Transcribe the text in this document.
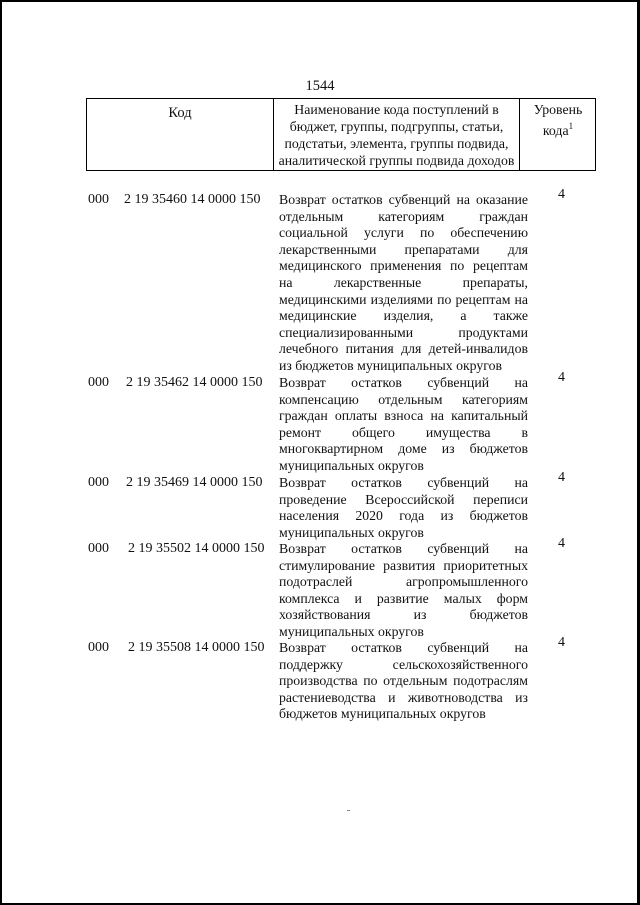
1544
Код	Наименование кода поступлений в бюджет, группы, подгруппы, статьи, подстатьи, элемента, группы подвида, аналитической группы подвида доходов
Уровень кода$^1$
000 2 19 35460 14 0000 150 Возврат остатков субвенций на оказание отдельным категориям граждан социальной услуги по обеспечению лекарственными препаратами для медицинского применения по рецептам на лекарственные препараты, медицинскими изделиями по рецептам на медицинские изделия, а также специализированными продуктами лечебного питания для детей-инвалидов из бюджетов муниципальных округов
4
000 2 19 35462 14 0000 150 Возврат остатков субвенций на компенсацию отдельным категориям граждан оплаты взноса на капитальный ремонт общего имущества в многоквартирном доме из бюджетов муниципальных округов
4
000 2 19 35469 14 0000 150 Возврат остатков субвенций на проведение Всероссийской переписи населения 2020 года из бюджетов муниципальных округов
4
000 2 19 35502 14 0000 150 Возврат остатков субвенций на стимулирование развития приоритетных подотраслей агропромышленного комплекса и развитие малых форм хозяйствования из бюджетов муниципальных округов
4
000 2 19 35508 14 0000 150 Возврат остатков субвенций на поддержку сельскохозяйственного производства по отдельным подотраслям растениеводства и животноводства из бюджетов муниципальных округов
4
